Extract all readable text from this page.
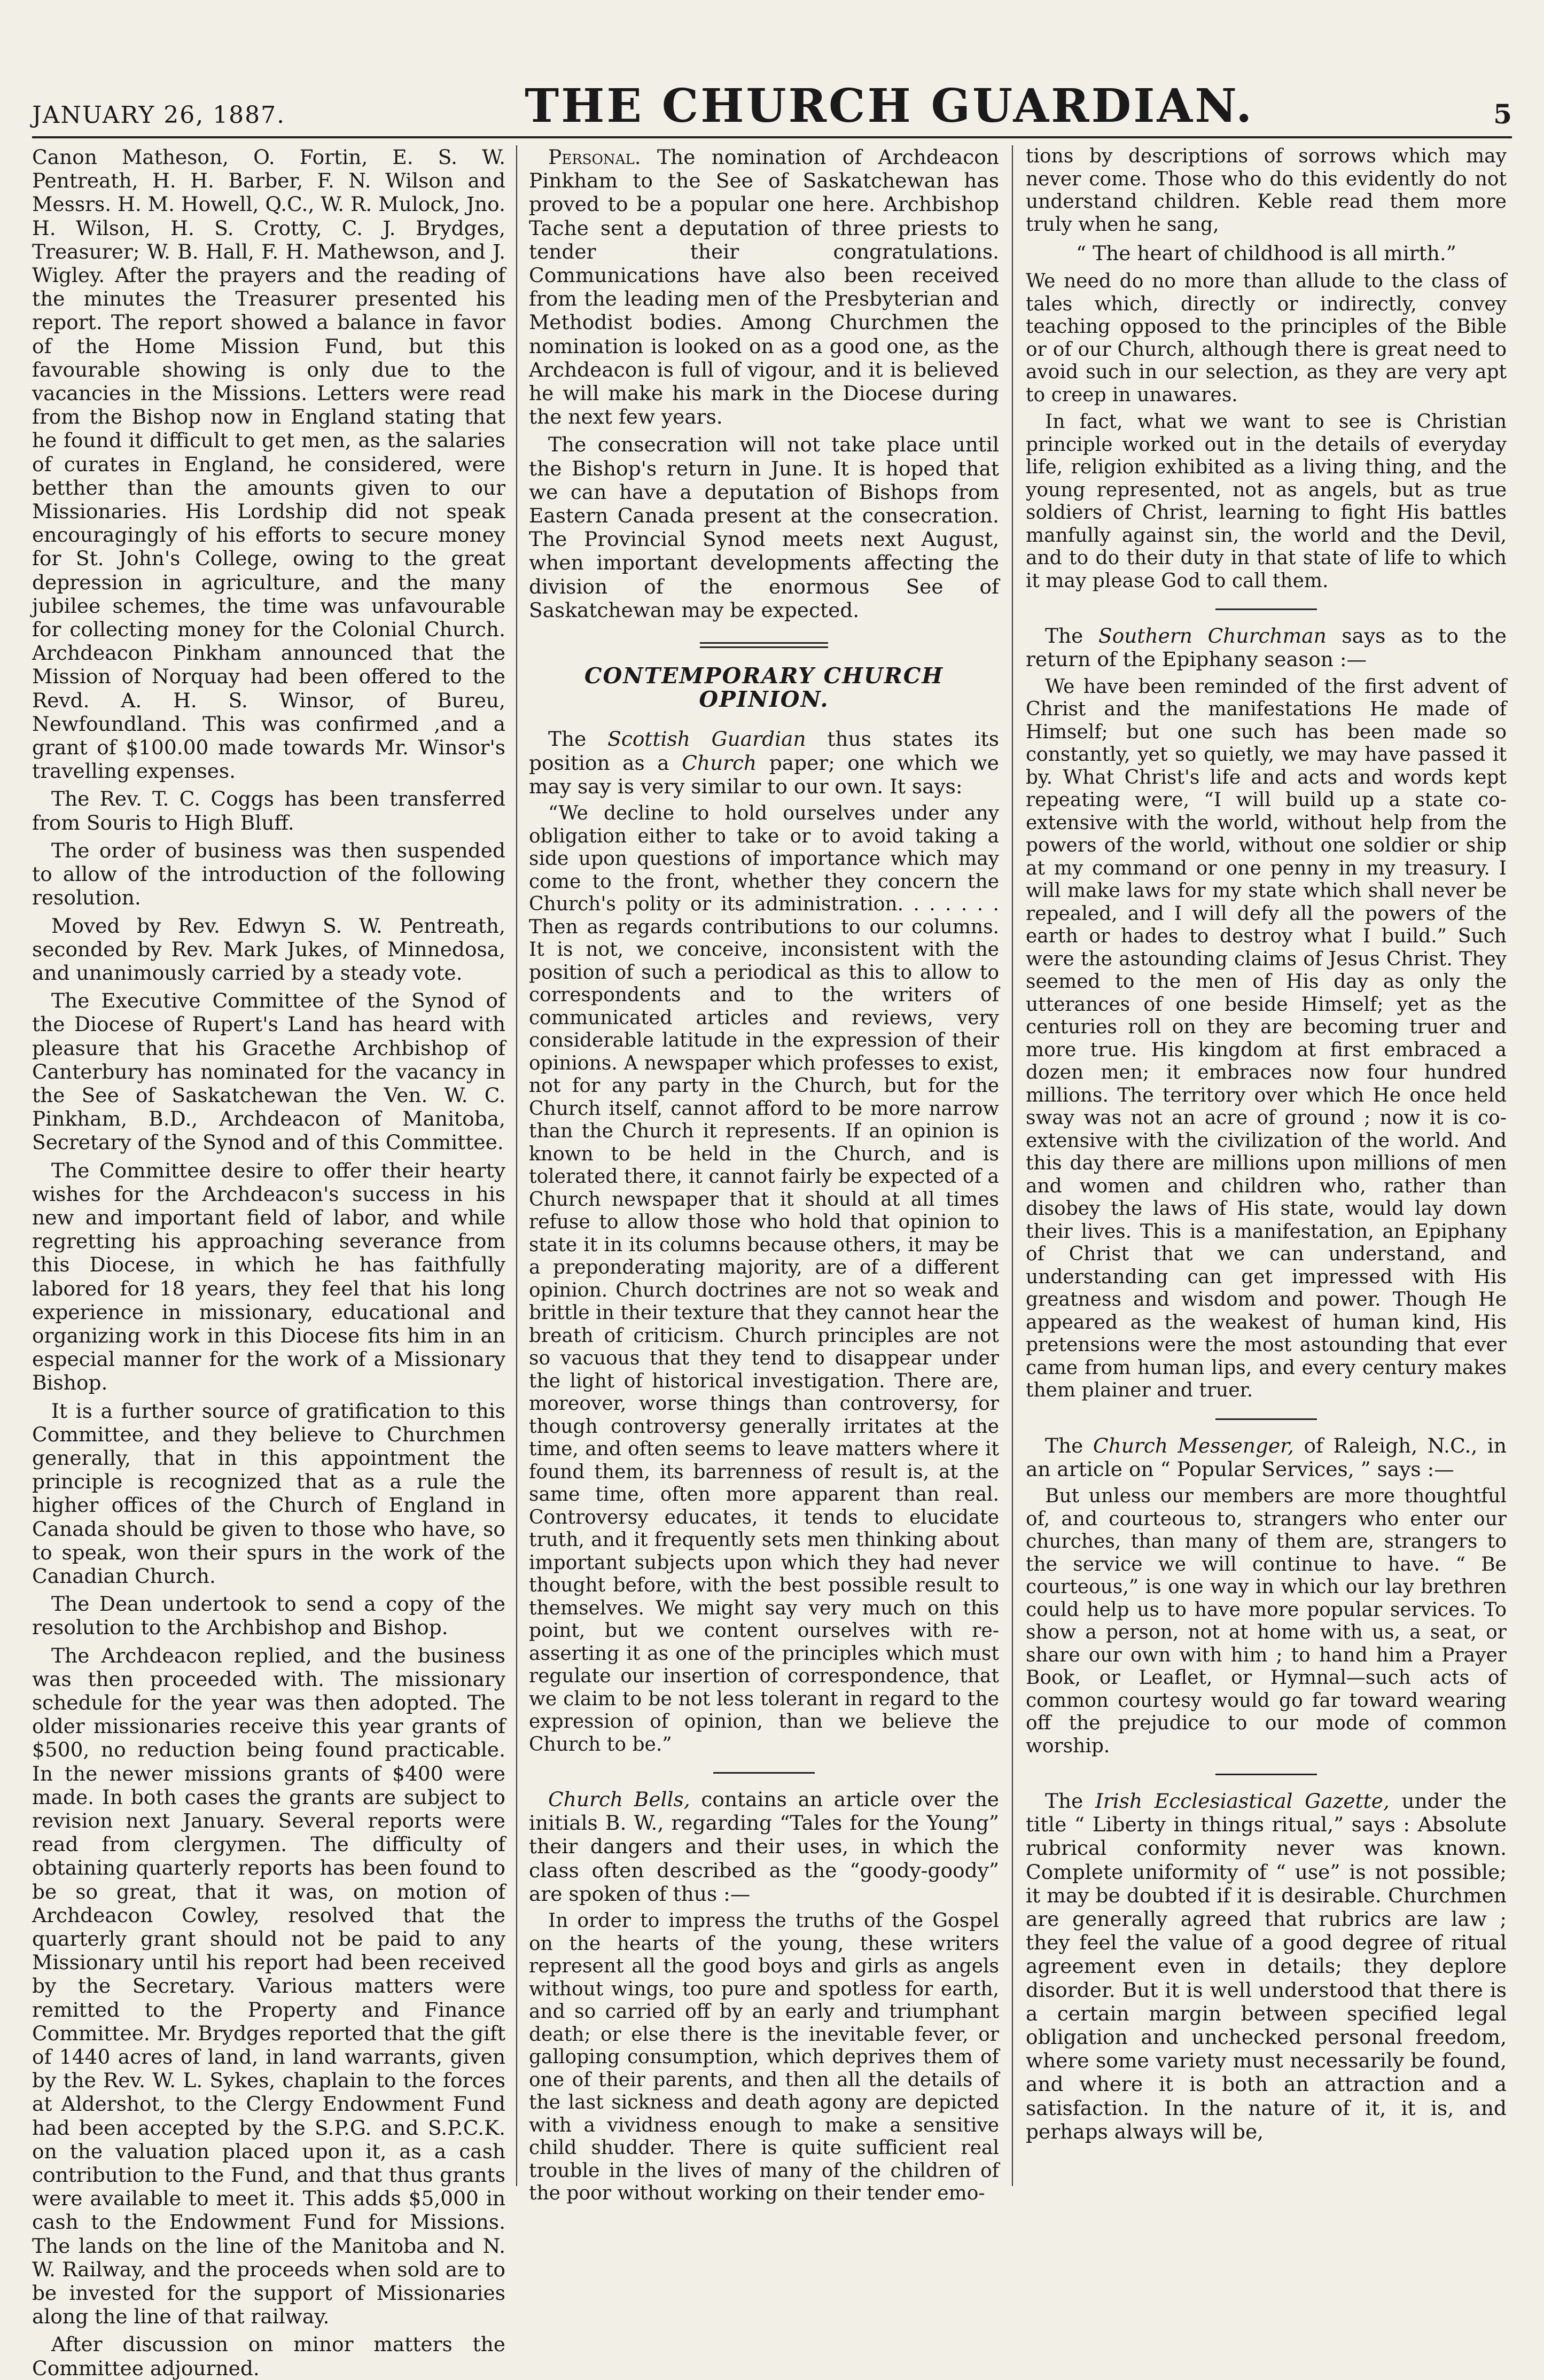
JANUARY 26, 1887.	THE CHURCH GUARDIAN.	5

Canon Matheson, O. Fortin, E. S. W. Pentreath, H. H. Barber, F. N. Wilson and Messrs. H. M. Howell, Q.C., W. R. Mulock, Jno. H. Wilson, H. S. Crotty, C. J. Brydges, Treasurer; W. B. Hall, F. H. Mathewson, and J. Wigley. After the prayers and the reading of the minutes the Treasurer presented his report. The report showed a balance in favor of the Home Mission Fund, but this favourable showing is only due to the vacancies in the Missions. Letters were read from the Bishop now in England stating that he found it difficult to get men, as the salaries of curates in England, he considered, were betther than the amounts given to our Missionaries. His Lordship did not speak encouragingly of his efforts to secure money for St. John's College, owing to the great depression in agriculture, and the many jubilee schemes, the time was unfavourable for collecting money for the Colonial Church. Archdeacon Pinkham announced that the Mission of Norquay had been offered to the Revd. A. H. S. Winsor, of Bureu, Newfoundland. This was confirmed ,and a grant of $100.00 made towards Mr. Winsor's travelling expenses.

The Rev. T. C. Coggs has been transferred from Souris to High Bluff.

The order of business was then suspended to allow of the introduction of the following resolution.

Moved by Rev. Edwyn S. W. Pentreath, seconded by Rev. Mark Jukes, of Minnedosa, and unanimously carried by a steady vote.

The Executive Committee of the Synod of the Diocese of Rupert's Land has heard with pleasure that his Gracethe Archbishop of Canterbury has nominated for the vacancy in the See of Saskatchewan the Ven. W. C. Pinkham, B.D., Archdeacon of Manitoba, Secretary of the Synod and of this Committee.

The Committee desire to offer their hearty wishes for the Archdeacon's success in his new and important field of labor, and while regretting his approaching severance from this Diocese, in which he has faithfully labored for 18 years, they feel that his long experience in missionary, educational and organizing work in this Diocese fits him in an especial manner for the work of a Missionary Bishop.

It is a further source of gratification to this Committee, and they believe to Churchmen generally, that in this appointment the principle is recognized that as a rule the higher offices of the Church of England in Canada should be given to those who have, so to speak, won their spurs in the work of the Canadian Church.

The Dean undertook to send a copy of the resolution to the Archbishop and Bishop.

The Archdeacon replied, and the business was then proceeded with. The missionary schedule for the year was then adopted. The older missionaries receive this year grants of $500, no reduction being found practicable. In the newer missions grants of $400 were made. In both cases the grants are subject to revision next January. Several reports were read from clergymen. The difficulty of obtaining quarterly reports has been found to be so great, that it was, on motion of Archdeacon Cowley, resolved that the quarterly grant should not be paid to any Missionary until his report had been received by the Secretary. Various matters were remitted to the Property and Finance Committee. Mr. Brydges reported that the gift of 1440 acres of land, in land warrants, given by the Rev. W. L. Sykes, chaplain to the forces at Aldershot, to the Clergy Endowment Fund had been accepted by the S.P.G. and S.P.C.K. on the valuation placed upon it, as a cash contribution to the Fund, and that thus grants were available to meet it. This adds $5,000 in cash to the Endowment Fund for Missions. The lands on the line of the Manitoba and N. W. Railway, and the proceeds when sold are to be invested for the support of Missionaries along the line of that railway.

After discussion on minor matters the Committee adjourned.

Personal. The nomination of Archdeacon Pinkham to the See of Saskatchewan has proved to be a popular one here. Archbishop Tache sent a deputation of three priests to tender their congratulations. Communications have also been received from the leading men of the Presbyterian and Methodist bodies. Among Churchmen the nomination is looked on as a good one, as the Archdeacon is full of vigour, and it is believed he will make his mark in the Diocese during the next few years.

The consecration will not take place until the Bishop's return in June. It is hoped that we can have a deputation of Bishops from Eastern Canada present at the consecration. The Provincial Synod meets next August, when important developments affecting the division of the enormous See of Saskatchewan may be expected.

CONTEMPORARY CHURCH OPINION.

The Scottish Guardian thus states its position as a Church paper; one which we may say is very similar to our own. It says:

“We decline to hold ourselves under any obligation either to take or to avoid taking a side upon questions of importance which may come to the front, whether they concern the Church's polity or its administration. . . . . . . Then as regards contributions to our columns. It is not, we conceive, inconsistent with the position of such a periodical as this to allow to correspondents and to the writers of communicated articles and reviews, very considerable latitude in the expression of their opinions. A newspaper which professes to exist, not for any party in the Church, but for the Church itself, cannot afford to be more narrow than the Church it represents. If an opinion is known to be held in the Church, and is tolerated there, it cannot fairly be expected of a Church newspaper that it should at all times refuse to allow those who hold that opinion to state it in its columns because others, it may be a preponderating majority, are of a different opinion. Church doctrines are not so weak and brittle in their texture that they cannot hear the breath of criticism. Church principles are not so vacuous that they tend to disappear under the light of historical investigation. There are, moreover, worse things than controversy, for though controversy generally irritates at the time, and often seems to leave matters where it found them, its barrenness of result is, at the same time, often more apparent than real. Controversy educates, it tends to elucidate truth, and it frequently sets men thinking about important subjects upon which they had never thought before, with the best possible result to themselves. We might say very much on this point, but we content ourselves with re-asserting it as one of the principles which must regulate our insertion of correspondence, that we claim to be not less tolerant in regard to the expression of opinion, than we believe the Church to be.”

Church Bells, contains an article over the initials B. W., regarding “Tales for the Young” their dangers and their uses, in which the class often described as the “goody-goody” are spoken of thus :—

In order to impress the truths of the Gospel on the hearts of the young, these writers represent all the good boys and girls as angels without wings, too pure and spotless for earth, and so carried off by an early and triumphant death; or else there is the inevitable fever, or galloping consumption, which deprives them of one of their parents, and then all the details of the last sickness and death agony are depicted with a vividness enough to make a sensitive child shudder. There is quite sufficient real trouble in the lives of many of the children of the poor without working on their tender emo-

tions by descriptions of sorrows which may never come. Those who do this evidently do not understand children. Keble read them more truly when he sang,

“ The heart of childhood is all mirth.”

We need do no more than allude to the class of tales which, directly or indirectly, convey teaching opposed to the principles of the Bible or of our Church, although there is great need to avoid such in our selection, as they are very apt to creep in unawares.

In fact, what we want to see is Christian principle worked out in the details of everyday life, religion exhibited as a living thing, and the young represented, not as angels, but as true soldiers of Christ, learning to fight His battles manfully against sin, the world and the Devil, and to do their duty in that state of life to which it may please God to call them.

The Southern Churchman says as to the return of the Epiphany season :—

We have been reminded of the first advent of Christ and the manifestations He made of Himself; but one such has been made so constantly, yet so quietly, we may have passed it by. What Christ's life and acts and words kept repeating were, “I will build up a state co-extensive with the world, without help from the powers of the world, without one soldier or ship at my command or one penny in my treasury. I will make laws for my state which shall never be repealed, and I will defy all the powers of the earth or hades to destroy what I build.” Such were the astounding claims of Jesus Christ. They seemed to the men of His day as only the utterances of one beside Himself; yet as the centuries roll on they are becoming truer and more true. His kingdom at first embraced a dozen men; it embraces now four hundred millions. The territory over which He once held sway was not an acre of ground ; now it is co-extensive with the civilization of the world. And this day there are millions upon millions of men and women and children who, rather than disobey the laws of His state, would lay down their lives. This is a manifestation, an Epiphany of Christ that we can understand, and understanding can get impressed with His greatness and wisdom and power. Though He appeared as the weakest of human kind, His pretensions were the most astounding that ever came from human lips, and every century makes them plainer and truer.

The Church Messenger, of Raleigh, N.C., in an article on “ Popular Services, ” says :—

But unless our members are more thoughtful of, and courteous to, strangers who enter our churches, than many of them are, strangers to the service we will continue to have. “ Be courteous,” is one way in which our lay brethren could help us to have more popular services. To show a person, not at home with us, a seat, or share our own with him ; to hand him a Prayer Book, or Leaflet, or Hymnal—such acts of common courtesy would go far toward wearing off the prejudice to our mode of common worship.

The Irish Ecclesiastical Gazette, under the title “ Liberty in things ritual,” says : Absolute rubrical conformity never was known. Complete uniformity of “ use” is not possible; it may be doubted if it is desirable. Churchmen are generally agreed that rubrics are law ; they feel the value of a good degree of ritual agreement even in details; they deplore disorder. But it is well understood that there is a certain margin between specified legal obligation and unchecked personal freedom, where some variety must necessarily be found, and where it is both an attraction and a satisfaction. In the nature of it, it is, and perhaps always will be,
